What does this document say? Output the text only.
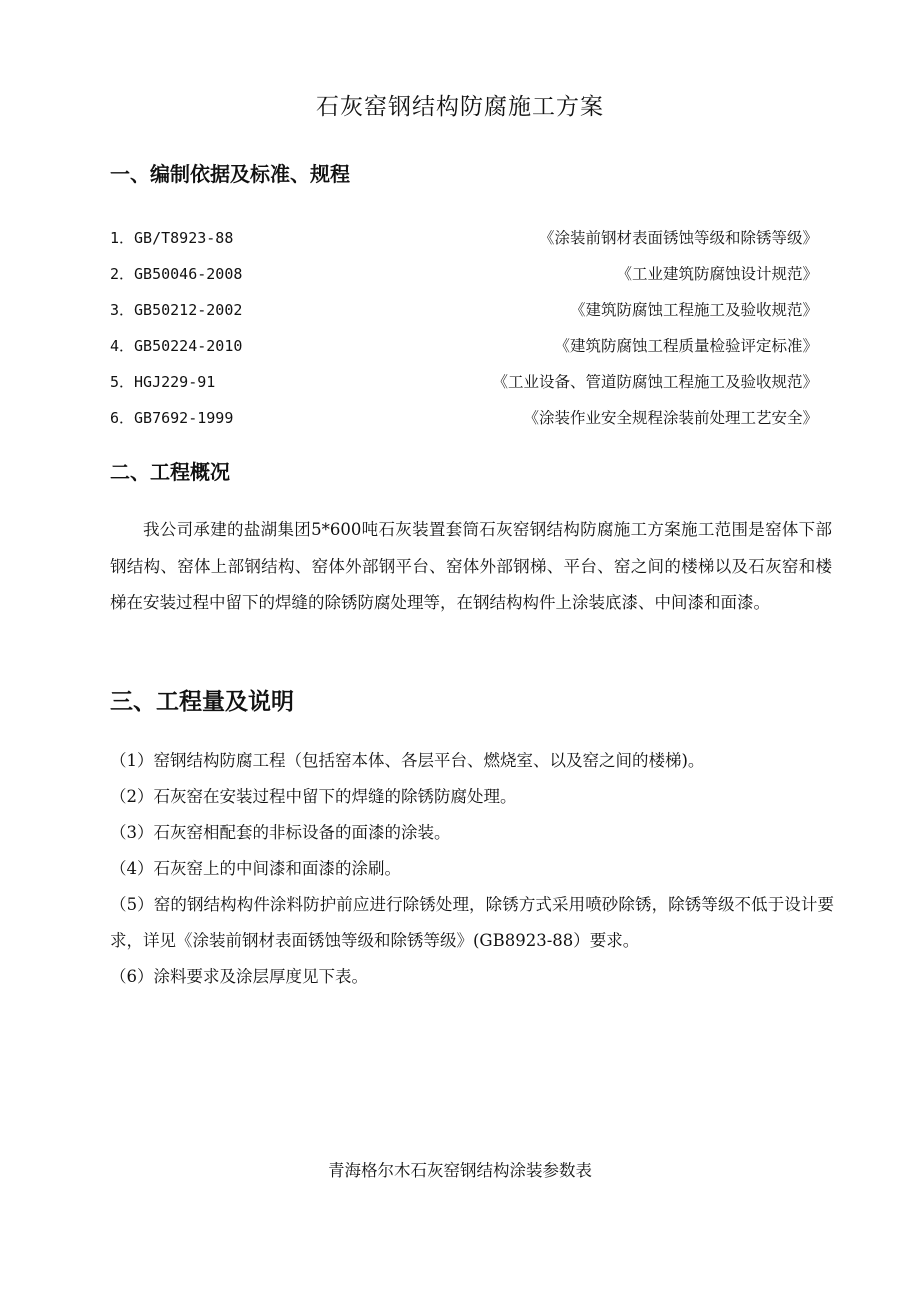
石灰窑钢结构防腐施工方案
一、编制依据及标准、规程
1．GB/T8923-88	《涂装前钢材表面锈蚀等级和除锈等级》
2．GB50046-2008	《工业建筑防腐蚀设计规范》
3．GB50212-2002	《建筑防腐蚀工程施工及验收规范》
4．GB50224-2010	《建筑防腐蚀工程质量检验评定标准》
5．HGJ229-91	《工业设备、管道防腐蚀工程施工及验收规范》
6．GB7692-1999	《涂装作业安全规程涂装前处理工艺安全》
二、工程概况

我公司承建的盐湖集团5*600吨石灰装置套筒石灰窑钢结构防腐施工方案施工范围是窑体下部钢结构、窑体上部钢结构、窑体外部钢平台、窑体外部钢梯、平台、窑之间的楼梯以及石灰窑和楼梯在安装过程中留下的焊缝的除锈防腐处理等，在钢结构构件上涂装底漆、中间漆和面漆。

三、工程量及说明
（1）窑钢结构防腐工程（包括窑本体、各层平台、燃烧室、以及窑之间的楼梯)。
（2）石灰窑在安装过程中留下的焊缝的除锈防腐处理。
（3）石灰窑相配套的非标设备的面漆的涂装。
（4）石灰窑上的中间漆和面漆的涂刷。
（5）窑的钢结构构件涂料防护前应进行除锈处理，除锈方式采用喷砂除锈，除锈等级不低于设计要求，详见《涂装前钢材表面锈蚀等级和除锈等级》(GB8923-88）要求。
（6）涂料要求及涂层厚度见下表。
青海格尔木石灰窑钢结构涂装参数表
